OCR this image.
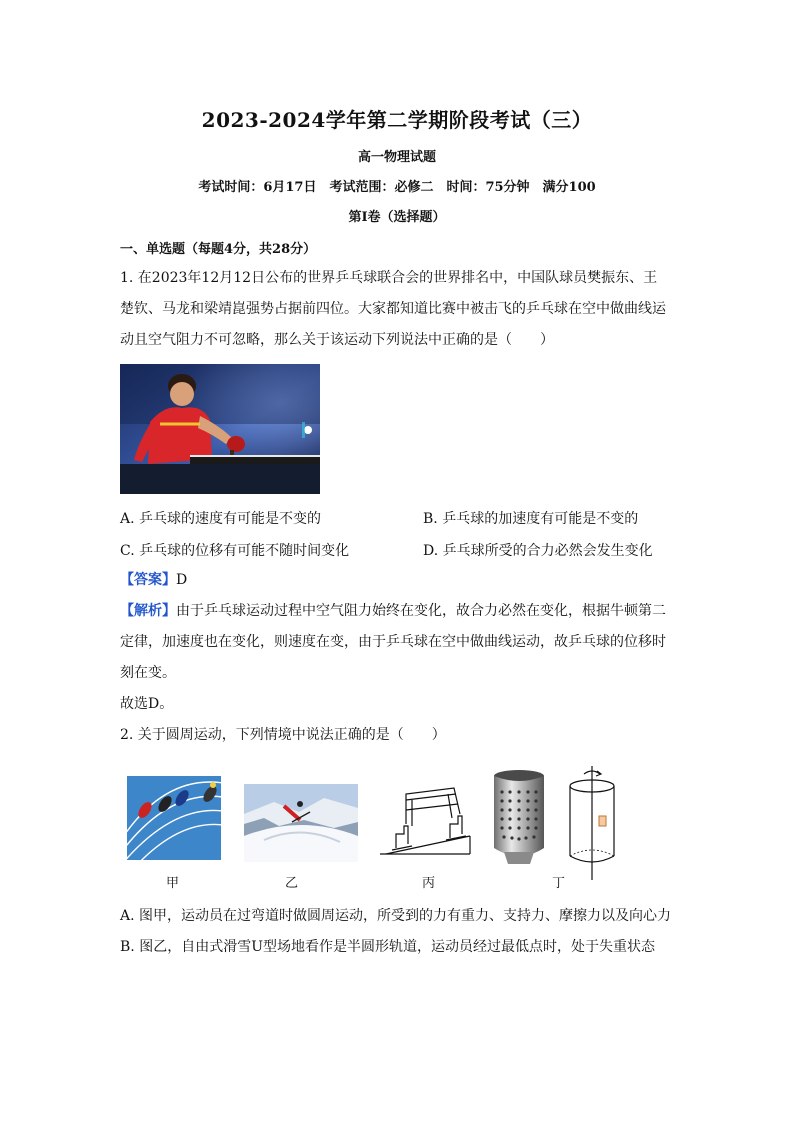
2023-2024学年第二学期阶段考试（三）
高一物理试题
考试时间：6月17日　考试范围：必修二　时间：75分钟　满分100
第Ⅰ卷（选择题）
一、单选题（每题4分，共28分）
1. 在2023年12月12日公布的世界乒乓球联合会的世界排名中，中国队球员樊振东、王
楚钦、马龙和梁靖崑强势占据前四位。大家都知道比赛中被击飞的乒乓球在空中做曲线运
动且空气阻力不可忽略，那么关于该运动下列说法中正确的是（　　）
A. 乒乓球的速度有可能是不变的	B. 乒乓球的加速度有可能是不变的
C. 乒乓球的位移有可能不随时间变化	D. 乒乓球所受的合力必然会发生变化
【答案】D
【解析】由于乒乓球运动过程中空气阻力始终在变化，故合力必然在变化，根据牛顿第二
定律，加速度也在变化，则速度在变，由于乒乓球在空中做曲线运动，故乒乓球的位移时
刻在变。
故选D。
2. 关于圆周运动，下列情境中说法正确的是（　　）
甲	乙	丙	丁
A. 图甲，运动员在过弯道时做圆周运动，所受到的力有重力、支持力、摩擦力以及向心力
B. 图乙，自由式滑雪U型场地看作是半圆形轨道，运动员经过最低点时，处于失重状态
